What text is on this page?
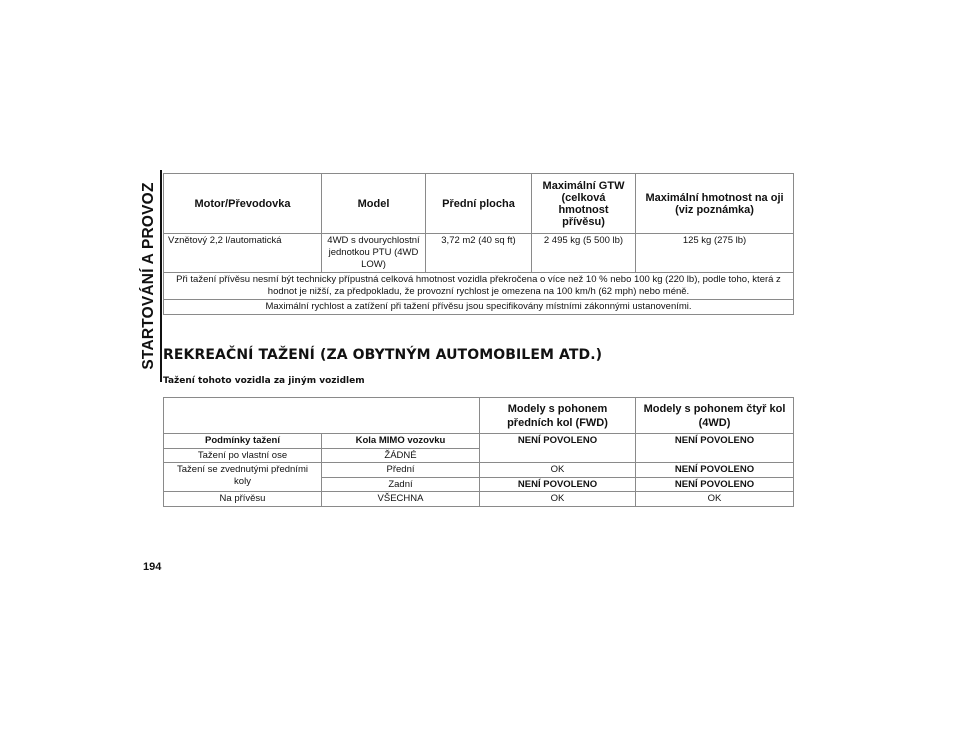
STARTOVÁNÍ A PROVOZ	Motor/Převodovka	Model	Přední plocha	Maximální GTW (celková hmotnost přívěsu)	Maximální hmotnost na oji (viz poznámka)
Vznětový 2,2 l/automatická	4WD s dvourychlostní jednotkou PTU (4WD LOW)	3,72 m2 (40 sq ft)	2 495 kg (5 500 lb)	125 kg (275 lb)
Při tažení přívěsu nesmí být technicky přípustná celková hmotnost vozidla překročena o více než 10 % nebo 100 kg (220 lb), podle toho, která z hodnot je nižší, za předpokladu, že provozní rychlost je omezena na 100 km/h (62 mph) nebo méně.				
Maximální rychlost a zatížení při tažení přívěsu jsou specifikovány místními zákonnými ustanoveními.				
REKREAČNÍ TAŽENÍ (ZA OBYTNÝM AUTOMOBILEM ATD.)
Tažení tohoto vozidla za jiným vozidlem
		Modely s pohonem předních kol (FWD)	Modely s pohonem čtyř kol (4WD)
Podmínky tažení	Kola MIMO vozovku	NENÍ POVOLENO	NENÍ POVOLENO
Tažení po vlastní ose	ŽÁDNÉ		
Tažení se zvednutými předními koly	Přední	OK	NENÍ POVOLENO
	Zadní	NENÍ POVOLENO	NENÍ POVOLENO
Na přívěsu	VŠECHNA	OK	OK
194
